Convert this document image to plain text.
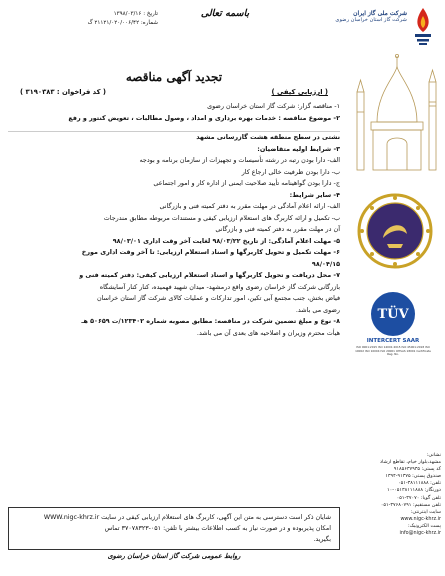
تاریخ : ۱۳۹۸/۰۳/۱۶
شماره: ۲۱۱۲۱/۰۲۰/۰۰۶/۴۲ گ
باسمه تعالی	شرکت ملی گاز ایران
شرکت گاز استان خراسان رضوی
TÜV
INTERCERT SAAR
ISO 9001:2015 ISO 14001:2015 ISO 45001:2018 ISO 10002 ISO 10004 ISO 29001 OHSAS 18001 Certificate Reg. No.
نشانی:
مشهد،بلوار خیام، تقاطع ارشاد
کد پستی: ۹۱۸۵۶۳۷۹۳۵
صندوق پستی: ۹۱۳۷۵-۱۳۹۴
تلفن: ۳۸۱۱۱۸۸۸-۰۵۱
دورنگار: ۰۵۱۳۸۱۱۱۸۸۸-۱۰
تلفن گویا: ۳۷۰۷۰-۰۵۱
تلفن مستقیم: ۳۷۶۸۰۷۹۱-۰۵۱
سایت اینترنتی:
www.nigc-khrz.ir
پست الکترونیک:
info@nigc-khrz.ir
تجدید آگهی مناقصه
( ارزیابی کیفی )
( کد فراخوان : ۳۱۹۰۳۸۳ )
۱- مناقصه گزار: شرکت گاز استان خراسان رضوی
۲- موضوع مناقصه : خدمات بهره برداری و امداد ، وصول مطالبات ، تعویض کنتور و رفع
نشتی در سطح منطقه هشت گازرسانی مشهد
۳- شرایط اولیه متقاضیان:
الف- دارا بودن رتبه در رشته تأسیسات و تجهیزات از سازمان برنامه و بودجه
ب- دارا بودن ظرفیت خالی ارجاع کار
ج- دارا بودن گواهینامه تأیید صلاحیت ایمنی از اداره کار و امور اجتماعی
۴- سایر شرایط:
الف- ارائه اعلام آمادگی در مهلت مقرر به دفتر کمیته فنی و بازرگانی
ب- تکمیل و ارائه کاربرگ های استعلام ارزیابی کیفی و مستندات مربوطه مطابق مندرجات
آن در مهلت مقرر به دفتر کمیته فنی و بازرگانی
۵- مهلت اعلام آمادگی: از تاریخ ۹۸/۰۳/۲۲ لغایت آخر وقت اداری ۹۸/۰۳/۰۱
۶- مهلت تکمیل و تحویل کاربرگها و اسناد استعلام ارزیابی: تا آخر وقت اداری مورخ
۹۸/۰۴/۱۵
۷- محل دریافت و تحویل کاربرگها و اسناد استعلام ارزیابی کیفی: دفتر کمیته فنی و
بازرگانی شرکت گاز خراسان رضوی واقع درمشهد- میدان شهید فهمیده، کنار کنار آسایشگاه
فیاض بخش، جنب مجتمع آبی تکین، امور تدارکات و عملیات کالای شرکت گاز استان خراسان
رضوی می باشد.
۸- نوع و مبلغ تضمین شرکت در مناقصه: مطابق مصوبه شماره ۱۲۳۴۰۲/ت ۵۰۶۵۹ هـ
هیأت محترم وزیران و اصلاحیه های بعدی آن می باشد.
شایان ذکر است دسترسی به متن این آگهی، کاربرگ های استعلام ارزیابی کیفی در سایت WWW.nigc-khrz.ir
امکان پذیربوده و در صورت نیاز به کسب اطلاعات بیشتر با تلفن: ۰۵۱-۳۷۰۷۸۳۲۳ تماس
بگیرید.
روابط عمومی شرکت گاز استان خراسان رضوی
